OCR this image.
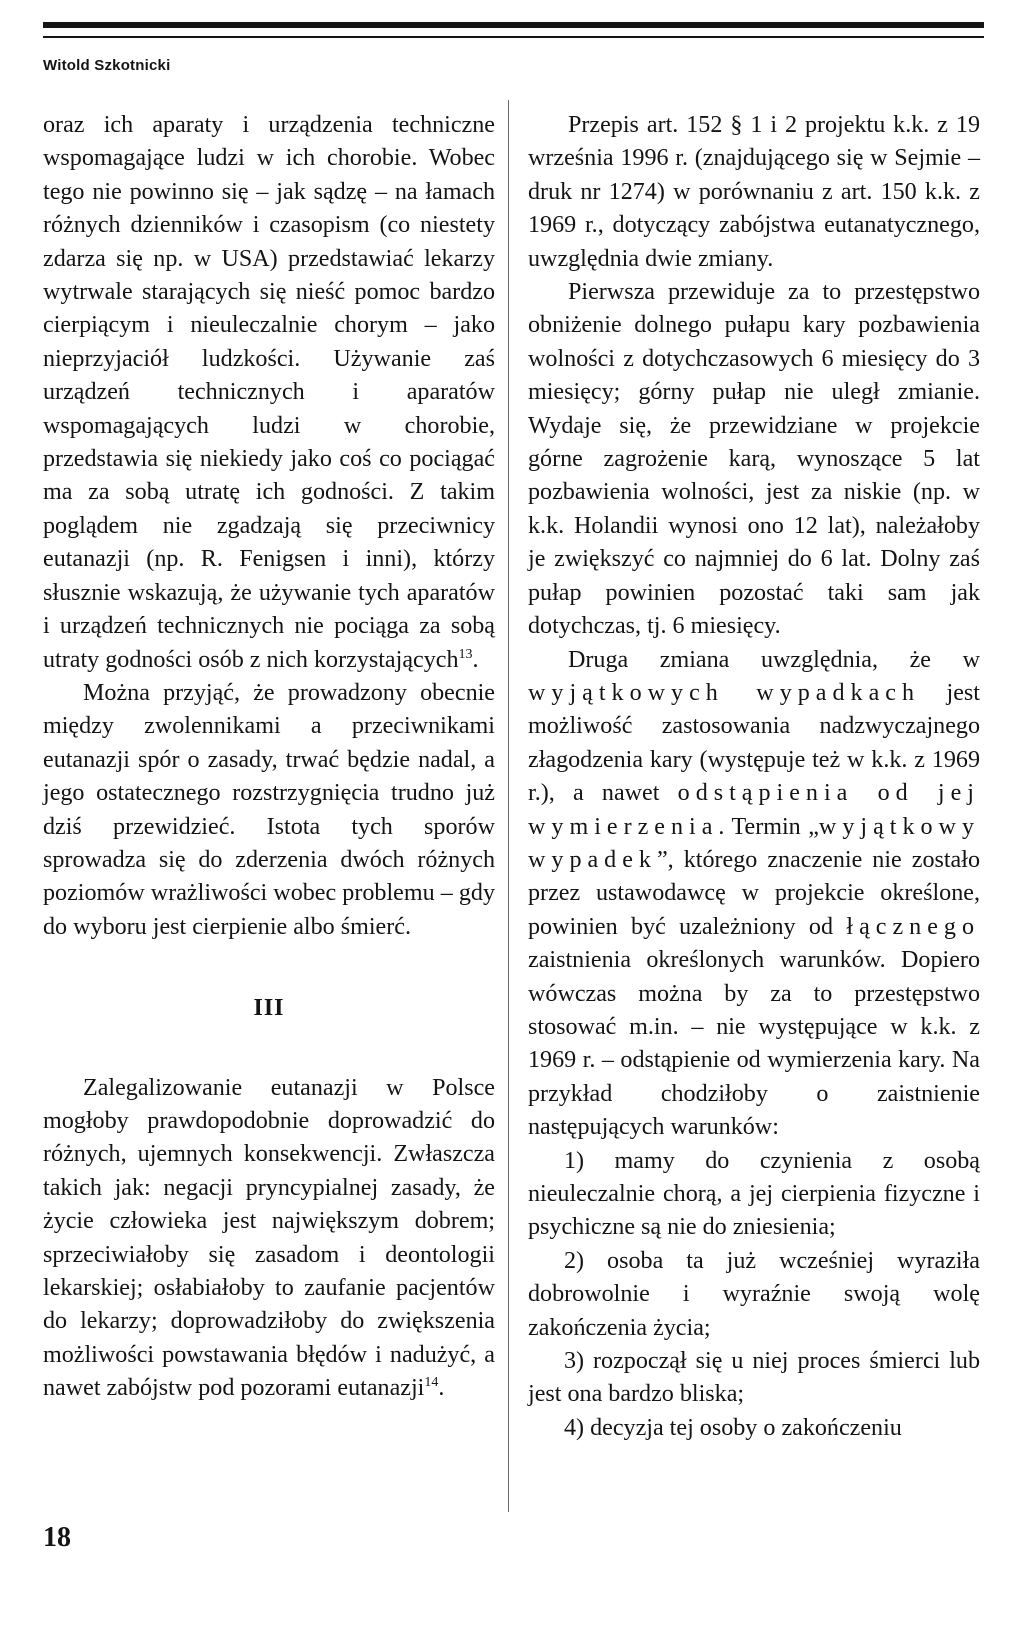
Witold Szkotnicki

oraz ich aparaty i urządzenia techniczne wspomagające ludzi w ich chorobie. Wobec tego nie powinno się – jak sądzę – na łamach różnych dzienników i czasopism (co niestety zdarza się np. w USA) przedstawiać lekarzy wytrwale starających się nieść pomoc bardzo cierpiącym i nieuleczalnie chorym – jako nieprzyjaciół ludzkości. Używanie zaś urządzeń technicznych i aparatów wspomagających ludzi w chorobie, przedstawia się niekiedy jako coś co pociągać ma za sobą utratę ich godności. Z takim poglądem nie zgadzają się przeciwnicy eutanazji (np. R. Fenigsen i inni), którzy słusznie wskazują, że używanie tych aparatów i urządzeń technicznych nie pociąga za sobą utraty godności osób z nich korzystających$^{13}$.

Można przyjąć, że prowadzony obecnie między zwolennikami a przeciwnikami eutanazji spór o zasady, trwać będzie nadal, a jego ostatecznego rozstrzygnięcia trudno już dziś przewidzieć. Istota tych sporów sprowadza się do zderzenia dwóch różnych poziomów wrażliwości wobec problemu – gdy do wyboru jest cierpienie albo śmierć.

III

Zalegalizowanie eutanazji w Polsce mogłoby prawdopodobnie doprowadzić do różnych, ujemnych konsekwencji. Zwłaszcza takich jak: negacji pryncypialnej zasady, że życie człowieka jest największym dobrem; sprzeciwiałoby się zasadom i deontologii lekarskiej; osłabiałoby to zaufanie pacjentów do lekarzy; doprowadziłoby do zwiększenia możliwości powstawania błędów i nadużyć, a nawet zabójstw pod pozorami eutanazji$^{14}$.

Przepis art. 152 § 1 i 2 projektu k.k. z 19 września 1996 r. (znajdującego się w Sejmie – druk nr 1274) w porównaniu z art. 150 k.k. z 1969 r., dotyczący zabójstwa eutanatycznego, uwzględnia dwie zmiany.

Pierwsza przewiduje za to przestępstwo obniżenie dolnego pułapu kary pozbawienia wolności z dotychczasowych 6 miesięcy do 3 miesięcy; górny pułap nie uległ zmianie. Wydaje się, że przewidziane w projekcie górne zagrożenie karą, wynoszące 5 lat pozbawienia wolności, jest za niskie (np. w k.k. Holandii wynosi ono 12 lat), należałoby je zwiększyć co najmniej do 6 lat. Dolny zaś pułap powinien pozostać taki sam jak dotychczas, tj. 6 miesięcy.

Druga zmiana uwzględnia, że w wyjątkowych wypadkach jest możliwość zastosowania nadzwyczajnego złagodzenia kary (występuje też w k.k. z 1969 r.), a nawet odstąpienia od jej wymierzenia. Termin „wyjątkowy wypadek”, którego znaczenie nie zostało przez ustawodawcę w projekcie określone, powinien być uzależniony od łącznego zaistnienia określonych warunków. Dopiero wówczas można by za to przestępstwo stosować m.in. – nie występujące w k.k. z 1969 r. – odstąpienie od wymierzenia kary. Na przykład chodziłoby o zaistnienie następujących warunków:

1) mamy do czynienia z osobą nieuleczalnie chorą, a jej cierpienia fizyczne i psychiczne są nie do zniesienia;

2) osoba ta już wcześniej wyraziła dobrowolnie i wyraźnie swoją wolę zakończenia życia;

3) rozpoczął się u niej proces śmierci lub jest ona bardzo bliska;

4) decyzja tej osoby o zakończeniu

18
